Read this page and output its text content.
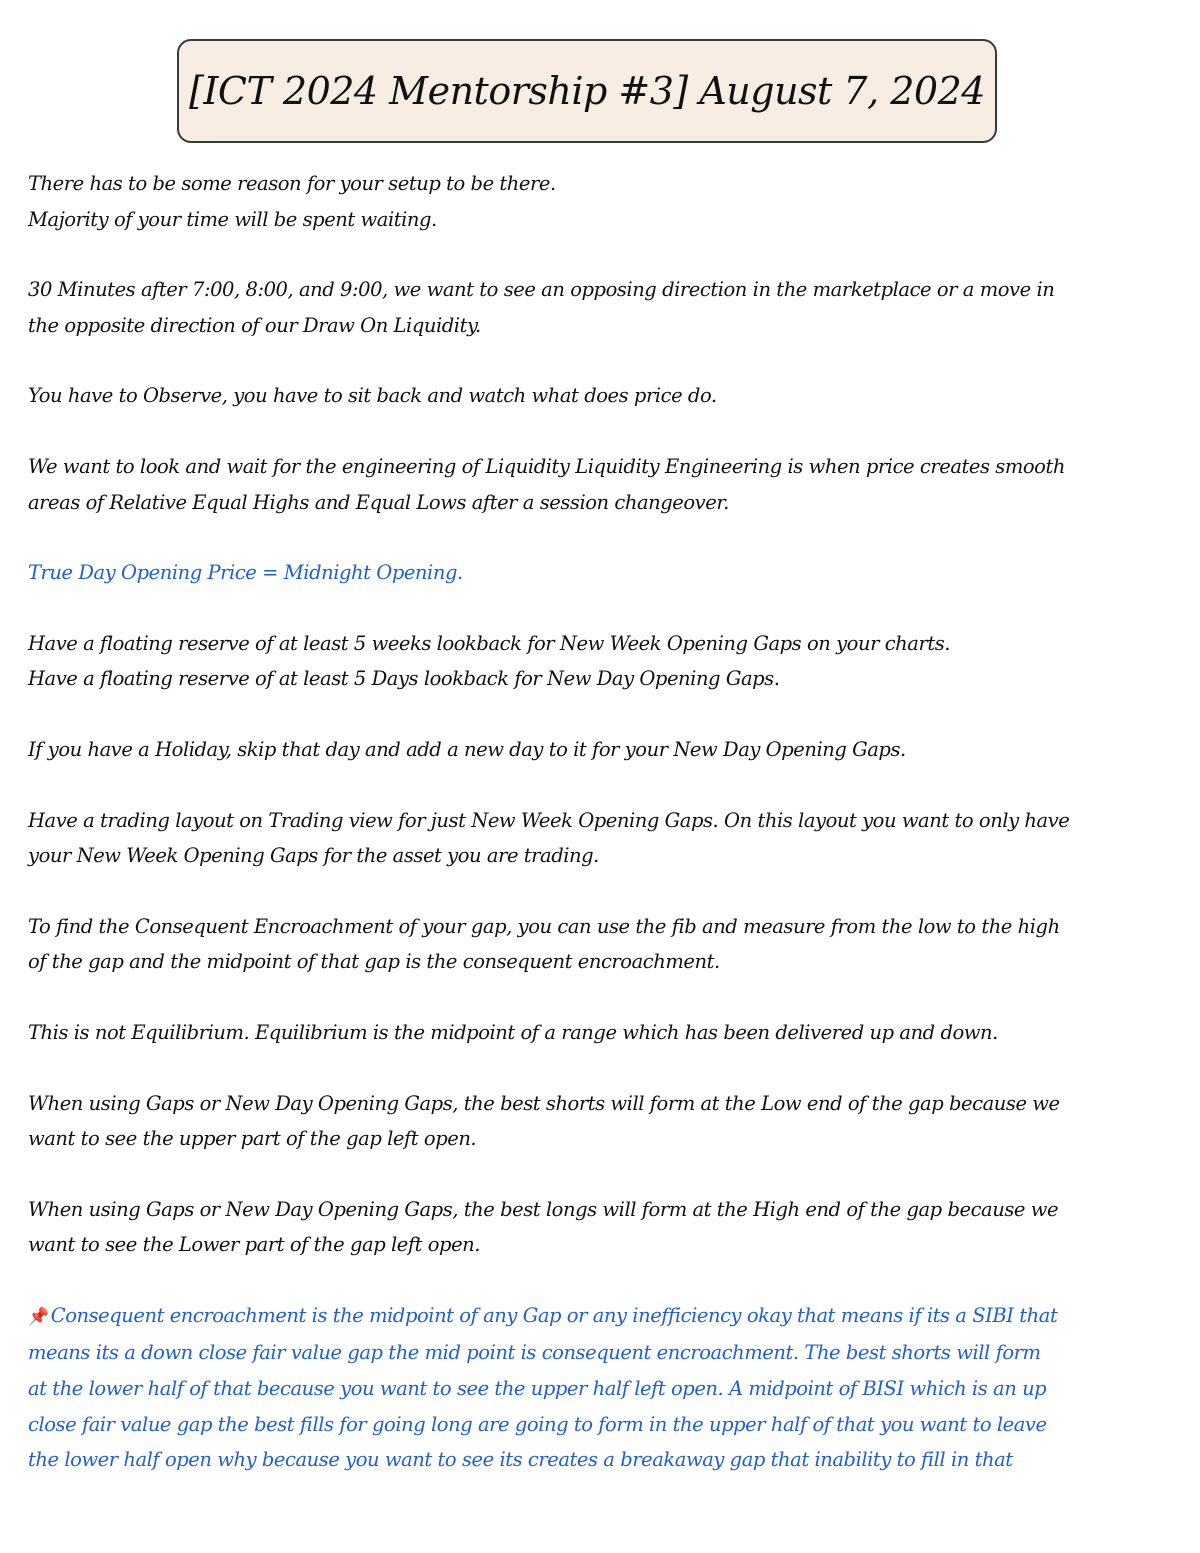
[ICT 2024 Mentorship #3] August 7, 2024

There has to be some reason for your setup to be there.
Majority of your time will be spent waiting.

30 Minutes after 7:00, 8:00, and 9:00, we want to see an opposing direction in the marketplace or a move in
the opposite direction of our Draw On Liquidity.

You have to Observe, you have to sit back and watch what does price do.

We want to look and wait for the engineering of Liquidity Liquidity Engineering is when price creates smooth
areas of Relative Equal Highs and Equal Lows after a session changeover.

True Day Opening Price = Midnight Opening.

Have a floating reserve of at least 5 weeks lookback for New Week Opening Gaps on your charts.
Have a floating reserve of at least 5 Days lookback for New Day Opening Gaps.

If you have a Holiday, skip that day and add a new day to it for your New Day Opening Gaps.

Have a trading layout on Trading view for just New Week Opening Gaps. On this layout you want to only have
your New Week Opening Gaps for the asset you are trading.

To find the Consequent Encroachment of your gap, you can use the fib and measure from the low to the high
of the gap and the midpoint of that gap is the consequent encroachment.

This is not Equilibrium. Equilibrium is the midpoint of a range which has been delivered up and down.

When using Gaps or New Day Opening Gaps, the best shorts will form at the Low end of the gap because we
want to see the upper part of the gap left open.

When using Gaps or New Day Opening Gaps, the best longs will form at the High end of the gap because we
want to see the Lower part of the gap left open.

📌 Consequent encroachment is the midpoint of any Gap or any inefficiency okay that means if its a SIBI that
means its a down close fair value gap the mid point is consequent encroachment. The best shorts will form
at the lower half of that because you want to see the upper half left open. A midpoint of BISI which is an up
close fair value gap the best fills for going long are going to form in the upper half of that you want to leave
the lower half open why because you want to see its creates a breakaway gap that inability to fill in that
